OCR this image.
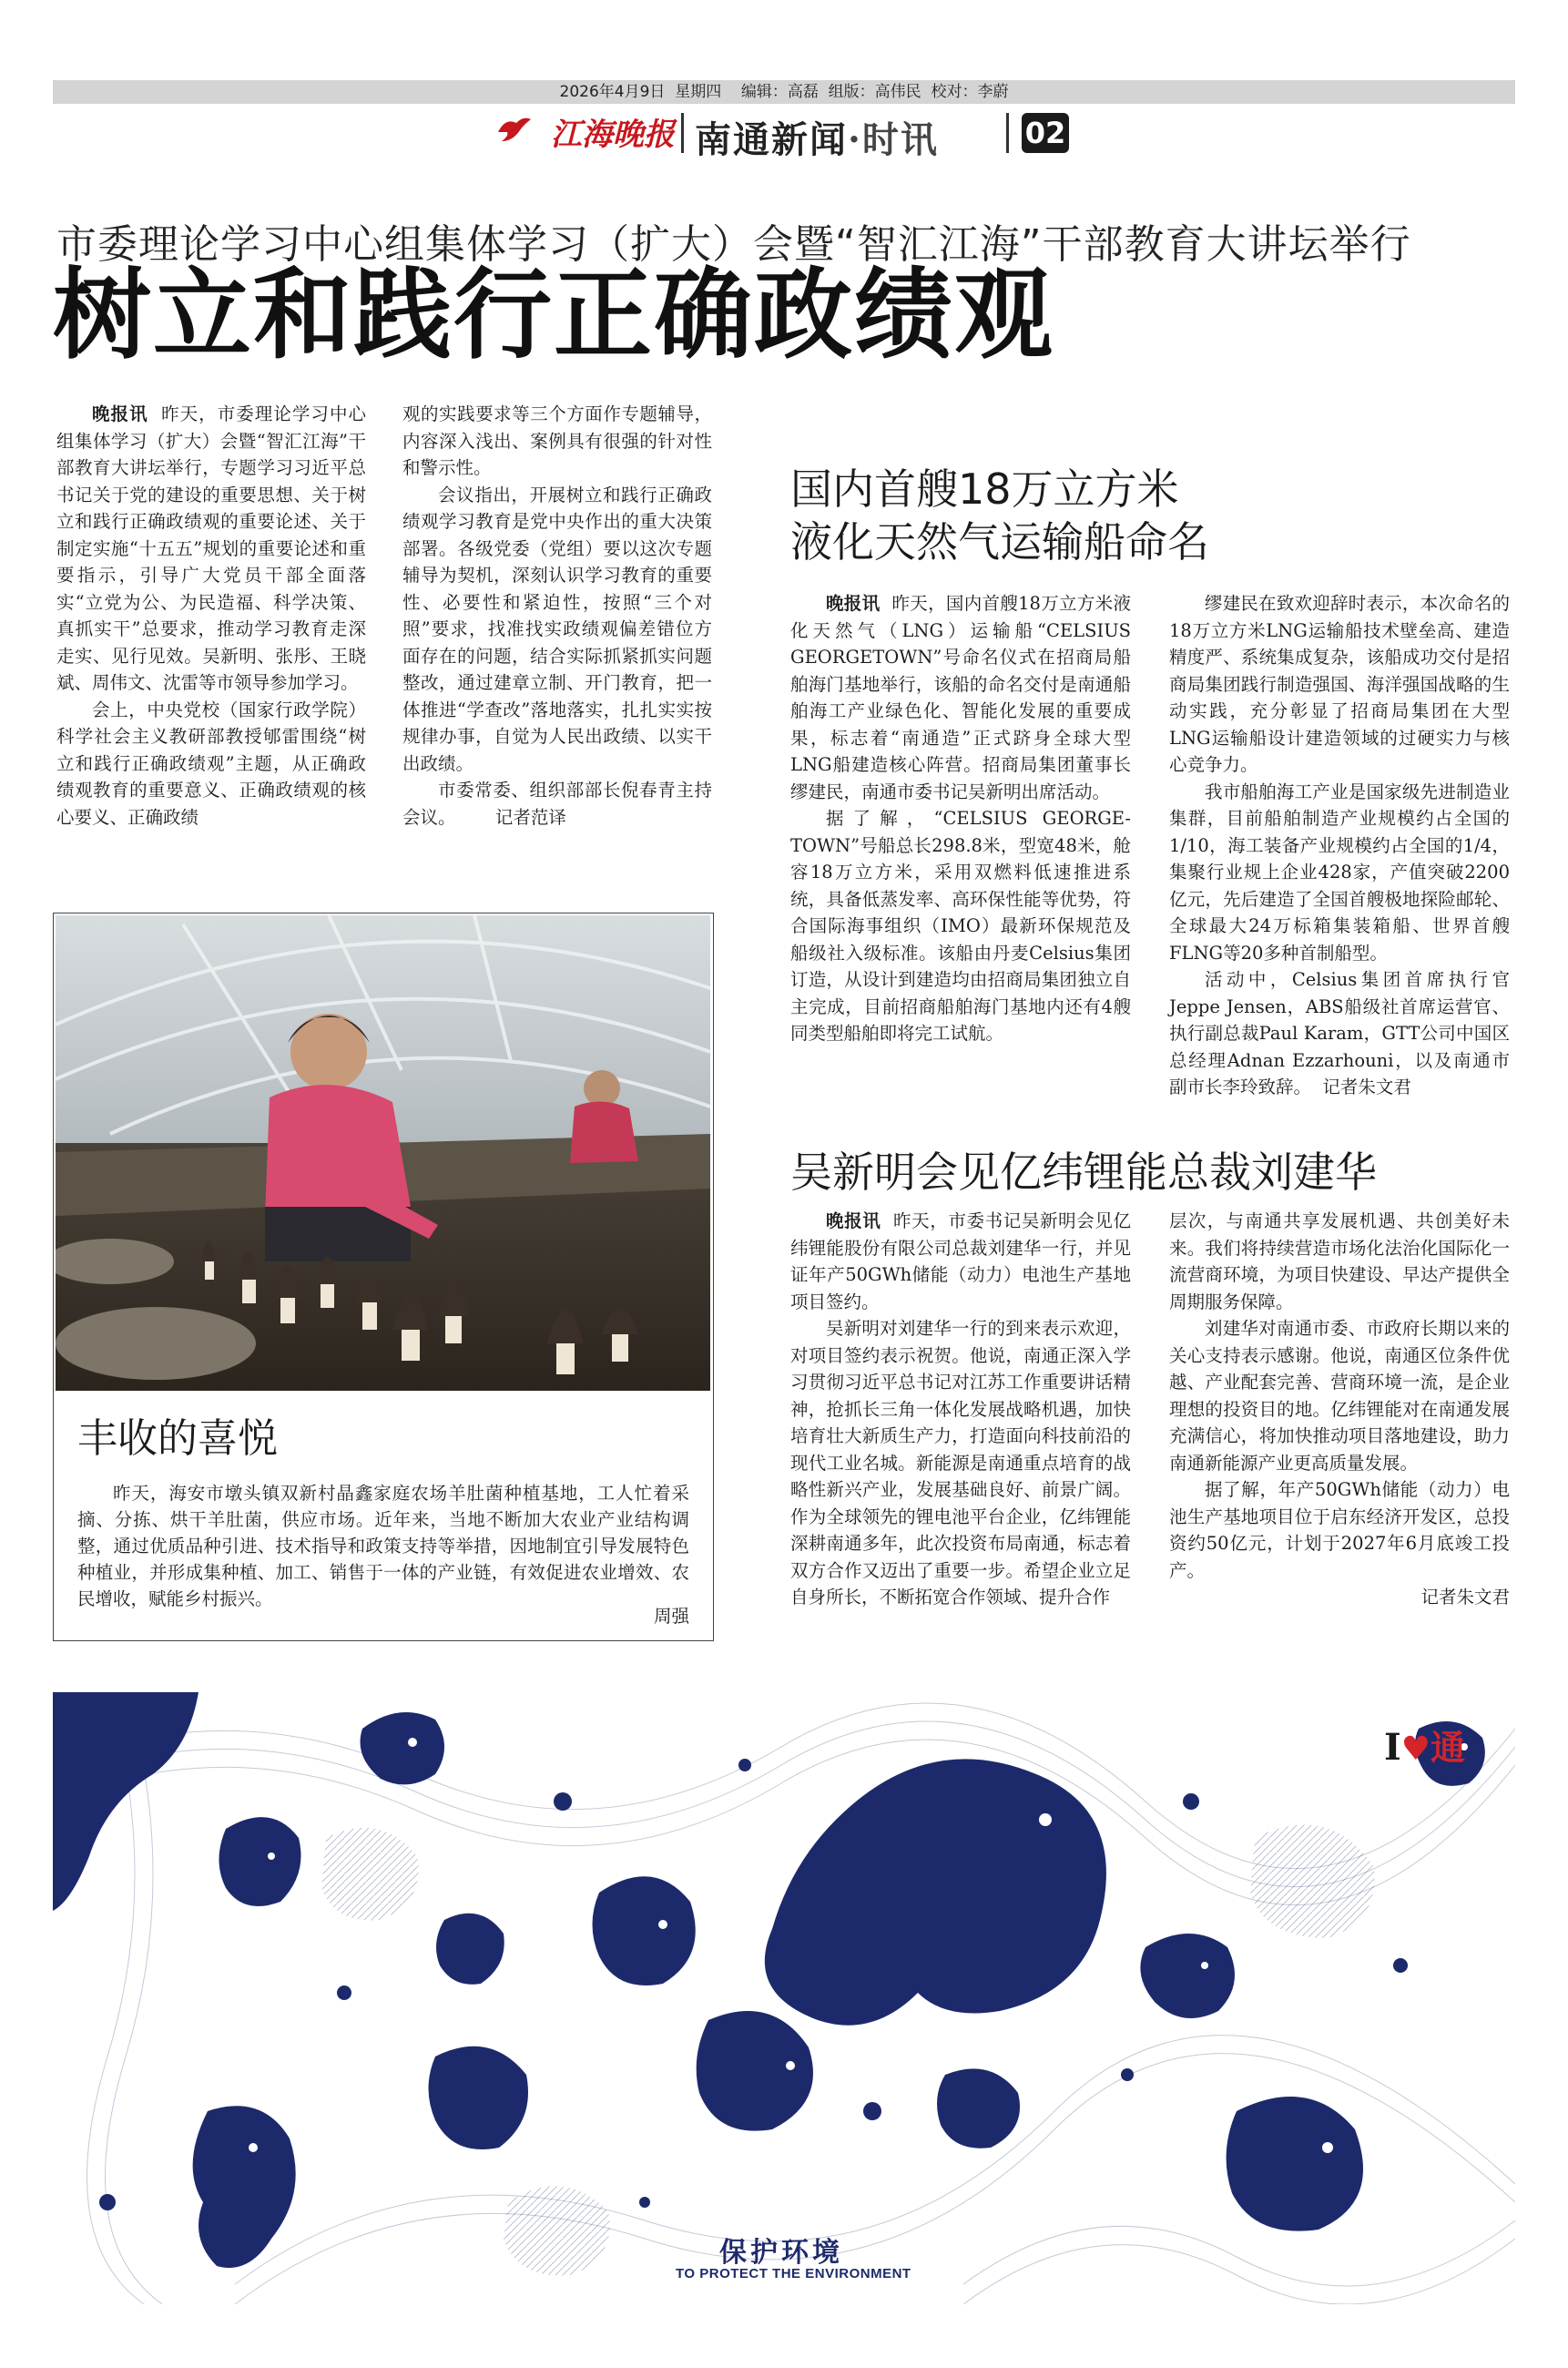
2026年4月9日  星期四    编辑：高磊  组版：高伟民  校对：李蔚
江海晚报 南通新闻·时讯	02
市委理论学习中心组集体学习（扩大）会暨“智汇江海”干部教育大讲坛举行
树立和践行正确政绩观

晚报讯 昨天，市委理论学习中心组集体学习（扩大）会暨“智汇江海”干部教育大讲坛举行，专题学习习近平总书记关于党的建设的重要思想、关于树立和践行正确政绩观的重要论述、关于制定实施“十五五”规划的重要论述和重要指示，引导广大党员干部全面落实“立党为公、为民造福、科学决策、真抓实干”总要求，推动学习教育走深走实、见行见效。吴新明、张彤、王晓斌、周伟文、沈雷等市领导参加学习。

会上，中央党校（国家行政学院）科学社会主义教研部教授郇雷围绕“树立和践行正确政绩观”主题，从正确政绩观教育的重要意义、正确政绩观的核心要义、正确政绩

观的实践要求等三个方面作专题辅导，内容深入浅出、案例具有很强的针对性和警示性。

会议指出，开展树立和践行正确政绩观学习教育是党中央作出的重大决策部署。各级党委（党组）要以这次专题辅导为契机，深刻认识学习教育的重要性、必要性和紧迫性，按照“三个对照”要求，找准找实政绩观偏差错位方面存在的问题，结合实际抓紧抓实问题整改，通过建章立制、开门教育，把一体推进“学查改”落地落实，扎扎实实按规律办事，自觉为人民出政绩、以实干出政绩。

市委常委、组织部部长倪春青主持会议。 记者范译

国内首艘18万立方米
液化天然气运输船命名

晚报讯 昨天，国内首艘18万立方米液化天然气（LNG）运输船“CELSIUS GEORGETOWN”号命名仪式在招商局船舶海门基地举行，该船的命名交付是南通船舶海工产业绿色化、智能化发展的重要成果，标志着“南通造”正式跻身全球大型LNG船建造核心阵营。招商局集团董事长缪建民，南通市委书记吴新明出席活动。

据了解，“CELSIUS GEORGE-TOWN”号船总长298.8米，型宽48米，舱容18万立方米，采用双燃料低速推进系统，具备低蒸发率、高环保性能等优势，符合国际海事组织（IMO）最新环保规范及船级社入级标准。该船由丹麦Celsius集团订造，从设计到建造均由招商局集团独立自主完成，目前招商船舶海门基地内还有4艘同类型船舶即将完工试航。

缪建民在致欢迎辞时表示，本次命名的18万立方米LNG运输船技术壁垒高、建造精度严、系统集成复杂，该船成功交付是招商局集团践行制造强国、海洋强国战略的生动实践，充分彰显了招商局集团在大型LNG运输船设计建造领域的过硬实力与核心竞争力。

我市船舶海工产业是国家级先进制造业集群，目前船舶制造产业规模约占全国的1/10，海工装备产业规模约占全国的1/4，集聚行业规上企业428家，产值突破2200亿元，先后建造了全国首艘极地探险邮轮、全球最大24万标箱集装箱船、世界首艘FLNG等20多种首制船型。

活动中，Celsius集团首席执行官Jeppe Jensen，ABS船级社首席运营官、执行副总裁Paul Karam，GTT公司中国区总经理Adnan Ezzarhouni，以及南通市副市长李玲致辞。 记者朱文君

吴新明会见亿纬锂能总裁刘建华

晚报讯 昨天，市委书记吴新明会见亿纬锂能股份有限公司总裁刘建华一行，并见证年产50GWh储能（动力）电池生产基地项目签约。

吴新明对刘建华一行的到来表示欢迎，对项目签约表示祝贺。他说，南通正深入学习贯彻习近平总书记对江苏工作重要讲话精神，抢抓长三角一体化发展战略机遇，加快培育壮大新质生产力，打造面向科技前沿的现代工业名城。新能源是南通重点培育的战略性新兴产业，发展基础良好、前景广阔。作为全球领先的锂电池平台企业，亿纬锂能深耕南通多年，此次投资布局南通，标志着双方合作又迈出了重要一步。希望企业立足自身所长，不断拓宽合作领域、提升合作

层次，与南通共享发展机遇、共创美好未来。我们将持续营造市场化法治化国际化一流营商环境，为项目快建设、早达产提供全周期服务保障。

刘建华对南通市委、市政府长期以来的关心支持表示感谢。他说，南通区位条件优越、产业配套完善、营商环境一流，是企业理想的投资目的地。亿纬锂能对在南通发展充满信心，将加快推动项目落地建设，助力南通新能源产业更高质量发展。

据了解，年产50GWh储能（动力）电池生产基地项目位于启东经济开发区，总投资约50亿元，计划于2027年6月底竣工投产。

记者朱文君

丰收的喜悦

昨天，海安市墩头镇双新村晶鑫家庭农场羊肚菌种植基地，工人忙着采摘、分拣、烘干羊肚菌，供应市场。近年来，当地不断加大农业产业结构调整，通过优质品种引进、技术指导和政策支持等举措，因地制宜引导发展特色种植业，并形成集种植、加工、销售于一体的产业链，有效促进农业增效、农民增收，赋能乡村振兴。

周强
I♥通
保护环境
TO PROTECT THE ENVIRONMENT
